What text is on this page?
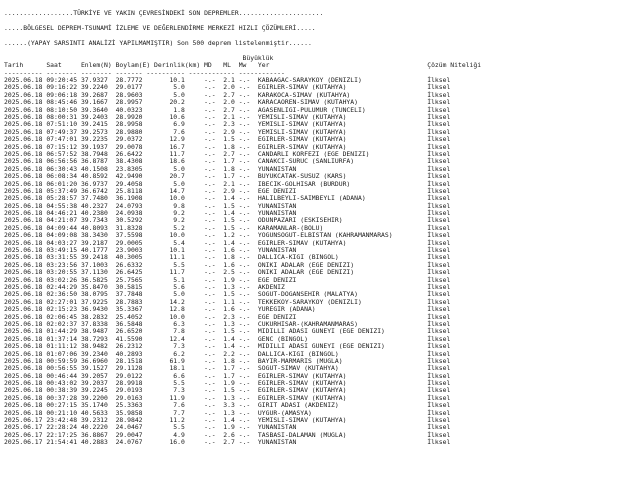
..................TÜRKİYE VE YAKIN ÇEVRESİNDEKİ SON DEPREMLER......................

.....BÖLGESEL DEPREM-TSUNAMİ İZLEME VE DEĞERLENDİRME MERKEZİ HIZLI ÇÖZÜMLERİ.....

......(YAPAY SARSINTI ANALİZİ YAPILMAMIŞTIR) Son 500 deprem listelenmiştir......

Büyüklük
Tarih      Saat     Enlem(N) Boylam(E) Derinlik(km) MD   ML  Mw   Yer                                         Çözüm Niteliği
---------- -------- -------- ------- ---------- ------------ ------------
2025.06.18 09:20:45 37.9327  28.7772       10.1     -.-  2.1 -.-  KABAAGAC-SARAYKOY (DENIZLI)                 İlksel
2025.06.18 09:16:22 39.2240  29.0177        5.0     -.-  2.0 -.-  EGIRLER-SIMAV (KUTAHYA)                     İlksel
2025.06.18 09:06:18 39.2687  28.9603        5.0     -.-  2.7 -.-  KARAKOCA-SIMAV (KUTAHYA)                    İlksel
2025.06.18 08:45:46 39.1667  28.9957       20.2     -.-  2.0 -.-  KARACAOREN-SIMAV (KUTAHYA)                  İlksel
2025.06.18 08:10:50 39.3640  40.0323        1.8     -.-  2.7 -.-  AGASENLIGI-PULUMUR (TUNCELI)                İlksel
2025.06.18 08:00:31 39.2403  28.9920       10.6     -.-  2.1 -.-  YEMISLI-SIMAV (KUTAHYA)                     İlksel
2025.06.18 07:51:10 39.2415  28.9958        6.9     -.-  2.3 -.-  YEMISLI-SIMAV (KUTAHYA)                     İlksel
2025.06.18 07:49:37 39.2573  28.9880        7.6     -.-  2.9 -.-  YEMISLI-SIMAV (KUTAHYA)                     İlksel
2025.06.18 07:47:01 39.2235  29.0372       12.9     -.-  1.5 -.-  EGIRLER-SIMAV (KUTAHYA)                     İlksel
2025.06.18 07:15:12 39.1937  29.0078       16.7     -.-  1.8 -.-  EGIRLER-SIMAV (KUTAHYA)                     İlksel
2025.06.18 06:57:52 38.7948  26.6422       11.7     -.-  2.7 -.-  CANDARLI KORFEZI (EGE DENIZI)               İlksel
2025.06.18 06:56:56 36.8787  38.4308       18.6     -.-  1.7 -.-  CANAKCI-SURUC (SANLIURFA)                   İlksel
2025.06.18 06:30:43 40.1508  23.8305        5.0     -.-  1.8 -.-  YUNANISTAN                                  İlksel
2025.06.18 06:08:34 40.8592  42.9490       20.7     -.-  1.7 -.-  BUYUKCATAK-SUSUZ (KARS)                     İlksel
2025.06.18 06:01:20 36.9737  29.4058        5.0     -.-  2.1 -.-  IBECIK-GOLHISAR (BURDUR)                    İlksel
2025.06.18 05:37:49 36.6742  25.8118       14.7     -.-  2.9 -.-  EGE DENIZI                                  İlksel
2025.06.18 05:28:57 37.7480  36.1908       10.0     -.-  1.4 -.-  HALILBEYLI-SAIMBEYLI (ADANA)                İlksel
2025.06.18 04:55:38 40.2327  24.0793        9.8     -.-  1.5 -.-  YUNANISTAN                                  İlksel
2025.06.18 04:46:21 40.2380  24.0938        9.2     -.-  1.4 -.-  YUNANISTAN                                  İlksel
2025.06.18 04:21:07 39.7343  30.5292        9.2     -.-  1.5 -.-  ODUNPAZARI (ESKISEHIR)                      İlksel
2025.06.18 04:09:44 40.8093  31.8328        5.2     -.-  1.5 -.-  KARAMANLAR-(BOLU)                           İlksel
2025.06.18 04:09:08 38.3430  37.5598       10.0     -.-  1.2 -.-  YOGUNSOGUT-ELBISTAN (KAHRAMANMARAS)         İlksel
2025.06.18 04:03:27 39.2187  29.0005        5.4     -.-  1.4 -.-  EGIRLER-SIMAV (KUTAHYA)                     İlksel
2025.06.18 03:49:15 40.1777  23.9003       10.1     -.-  1.6 -.-  YUNANISTAN                                  İlksel
2025.06.18 03:31:55 39.2418  40.3005       11.1     -.-  1.8 -.-  DALLICA-KIGI (BINGOL)                       İlksel
2025.06.18 03:23:56 37.1003  26.6332        5.5     -.-  1.6 -.-  ONIKI ADALAR (EGE DENIZI)                   İlksel
2025.06.18 03:20:55 37.1130  26.6425       11.7     -.-  2.5 -.-  ONIKI ADALAR (EGE DENIZI)                   İlksel
2025.06.18 03:02:26 36.5825  25.7565        5.1     -.-  1.9 -.-  EGE DENIZI                                  İlksel
2025.06.18 02:44:29 35.8470  30.5815        5.6     -.-  1.3 -.-  AKDENIZ                                     İlksel
2025.06.18 02:36:50 38.0795  37.7848        5.0     -.-  1.5 -.-  SOGUT-DOGANSEHIR (MALATYA)                  İlksel
2025.06.18 02:27:01 37.9225  28.7883       14.2     -.-  1.1 -.-  TEKKEKOY-SARAYKOY (DENIZLI)                 İlksel
2025.06.18 02:15:23 36.9430  35.3367       12.8     -.-  1.6 -.-  YUREGIR (ADANA)                             İlksel
2025.06.18 02:06:45 38.2832  25.4052       10.0     -.-  2.3 -.-  EGE DENIZI                                  İlksel
2025.06.18 02:02:37 37.8338  36.5848        6.3     -.-  1.3 -.-  CUKURHISAR-(KAHRAMANMARAS)                  İlksel
2025.06.18 01:44:29 38.9487  26.6520        7.8     -.-  1.5 -.-  MIDILLI ADASI GUNEYI (EGE DENIZI)           İlksel
2025.06.18 01:37:14 38.7293  41.5590       12.4     -.-  1.4 -.-  GENC (BINGOL)                               İlksel
2025.06.18 01:11:12 38.9482  26.2312        7.3     -.-  1.4 -.-  MIDILLI ADASI GUNEYI (EGE DENIZI)           İlksel
2025.06.18 01:07:06 39.2340  40.2893        6.2     -.-  2.2 -.-  DALLICA-KIGI (BINGOL)                       İlksel
2025.06.18 00:59:59 36.6960  28.1518       61.9     -.-  1.8 -.-  BAYIR-MARMARIS (MUGLA)                      İlksel
2025.06.18 00:56:55 39.1527  29.1128       18.1     -.-  1.7 -.-  SOGUT-SIMAV (KUTAHYA)                       İlksel
2025.06.18 00:46:44 39.2057  29.0122        6.6     -.-  1.7 -.-  EGIRLER-SIMAV (KUTAHYA)                     İlksel
2025.06.18 00:43:02 39.2037  28.9918        5.5     -.-  1.9 -.-  EGIRLER-SIMAV (KUTAHYA)                     İlksel
2025.06.18 00:38:39 39.2245  29.0193        7.3     -.-  1.5 -.-  EGIRLER-SIMAV (KUTAHYA)                     İlksel
2025.06.18 00:37:28 39.2200  29.0163       11.9     -.-  1.3 -.-  EGIRLER-SIMAV (KUTAHYA)                     İlksel
2025.06.18 00:27:15 35.1740  25.3363        7.6     -.-  3.3 -.-  GIRIT ADASI (AKDENIZ)                       İlksel
2025.06.18 00:21:10 40.5633  35.9858        7.7     -.-  1.3 -.-  UYGUR-(AMASYA)                              İlksel
2025.06.17 23:42:48 39.2312  28.9842       11.2     -.-  1.4 -.-  YEMISLI-SIMAV (KUTAHYA)                     İlksel
2025.06.17 22:28:24 40.2220  24.0467        5.5     -.-  1.9 -.-  YUNANISTAN                                  İlksel
2025.06.17 22:17:25 36.8867  29.0047        4.9     -.-  2.6 -.-  TASBASI-DALAMAN (MUGLA)                     İlksel
2025.06.17 21:54:41 40.2883  24.0767       16.0     -.-  2.7 -.-  YUNANISTAN                                  İlksel
